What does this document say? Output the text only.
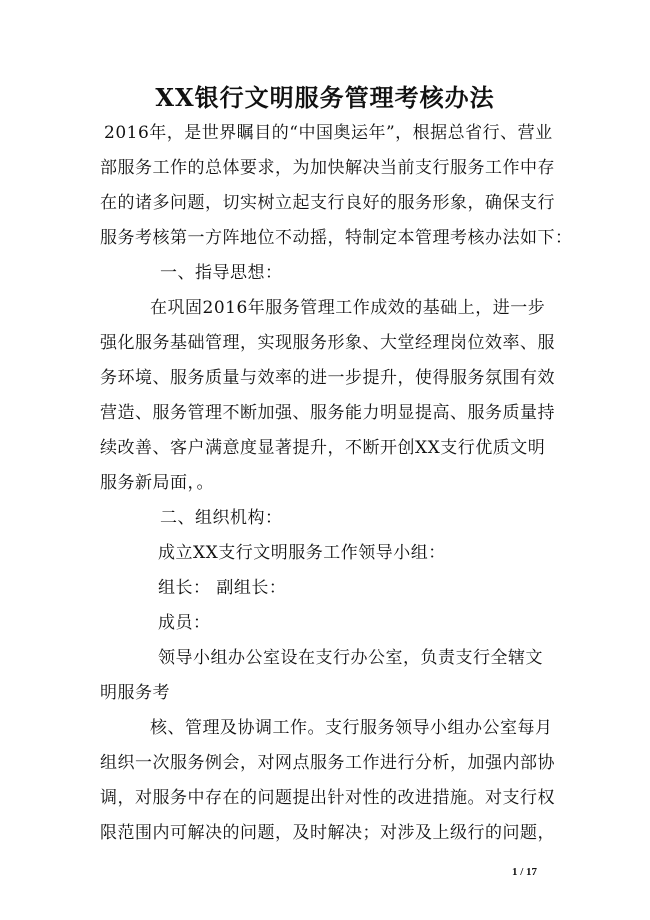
XX银行文明服务管理考核办法
2016年，是世界瞩目的“中国奥运年”，根据总省行、营业
部服务工作的总体要求，为加快解决当前支行服务工作中存
在的诸多问题，切实树立起支行良好的服务形象，确保支行
服务考核第一方阵地位不动摇，特制定本管理考核办法如下：
一、指导思想：
在巩固2016年服务管理工作成效的基础上，进一步
强化服务基础管理，实现服务形象、大堂经理岗位效率、服
务环境、服务质量与效率的进一步提升，使得服务氛围有效
营造、服务管理不断加强、服务能力明显提高、服务质量持
续改善、客户满意度显著提升，不断开创XX支行优质文明
服务新局面，。
二、组织机构：
成立XX支行文明服务工作领导小组：
组长： 副组长：
成员：
领导小组办公室设在支行办公室，负责支行全辖文
明服务考
核、管理及协调工作。支行服务领导小组办公室每月
组织一次服务例会，对网点服务工作进行分析，加强内部协
调，对服务中存在的问题提出针对性的改进措施。对支行权
限范围内可解决的问题，及时解决；对涉及上级行的问题，
1 / 17
